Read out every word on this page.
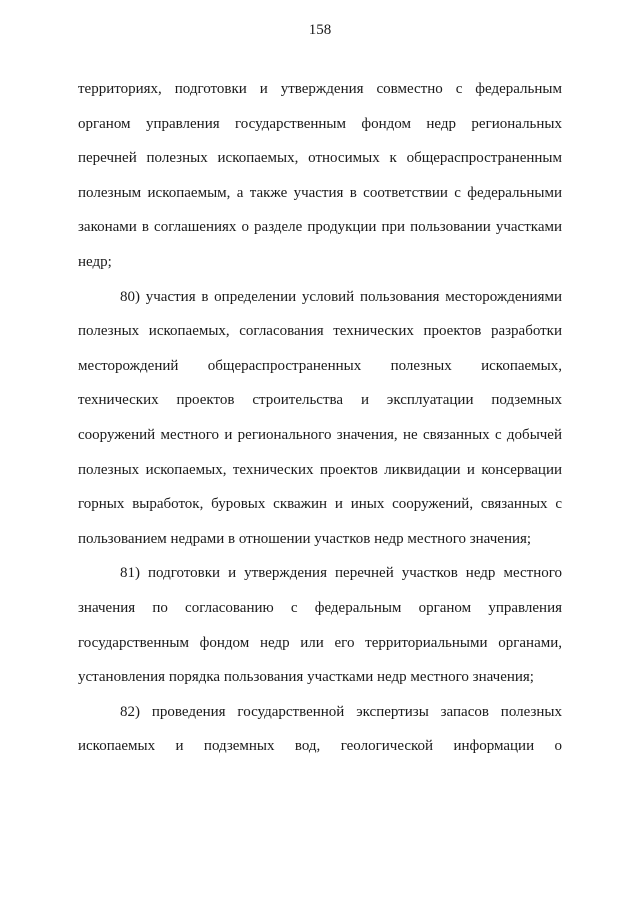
158
территориях, подготовки и утверждения совместно с федеральным
органом управления государственным фондом недр региональных
перечней полезных ископаемых, относимых к общераспространенным
полезным ископаемым, а также участия в соответствии с федеральными
законами в соглашениях о разделе продукции при пользовании участками
недр;
80) участия в определении условий пользования месторождениями
полезных ископаемых, согласования технических проектов разработки
месторождений общераспространенных полезных ископаемых,
технических проектов строительства и эксплуатации подземных
сооружений местного и регионального значения, не связанных с добычей
полезных ископаемых, технических проектов ликвидации и консервации
горных выработок, буровых скважин и иных сооружений, связанных с
пользованием недрами в отношении участков недр местного значения;
81) подготовки и утверждения перечней участков недр местного
значения по согласованию с федеральным органом управления
государственным фондом недр или его территориальными органами,
установления порядка пользования участками недр местного значения;
82) проведения государственной экспертизы запасов полезных
ископаемых и подземных вод, геологической информации о
